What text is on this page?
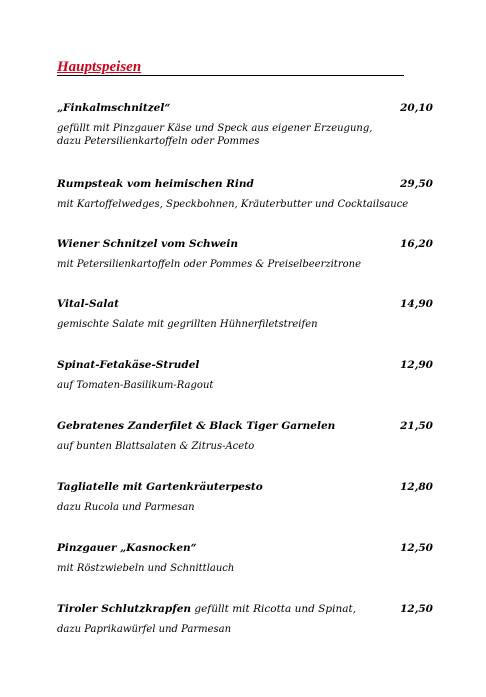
Hauptspeisen
„Finkalmschnitzel“	20,10
gefüllt mit Pinzgauer Käse und Speck aus eigener Erzeugung,
dazu Petersilienkartoffeln oder Pommes
Rumpsteak vom heimischen Rind	29,50
mit Kartoffelwedges, Speckbohnen, Kräuterbutter und Cocktailsauce
Wiener Schnitzel vom Schwein	16,20
mit Petersilienkartoffeln oder Pommes & Preiselbeerzitrone
Vital-Salat	14,90
gemischte Salate mit gegrillten Hühnerfiletstreifen
Spinat-Fetakäse-Strudel	12,90
auf Tomaten-Basilikum-Ragout
Gebratenes Zanderfilet & Black Tiger Garnelen	21,50
auf bunten Blattsalaten & Zitrus-Aceto
Tagliatelle mit Gartenkräuterpesto	12,80
dazu Rucola und Parmesan
Pinzgauer „Kasnocken“	12,50
mit Röstzwiebeln und Schnittlauch
Tiroler Schlutzkrapfen gefüllt mit Ricotta und Spinat,	12,50
dazu Paprikawürfel und Parmesan
